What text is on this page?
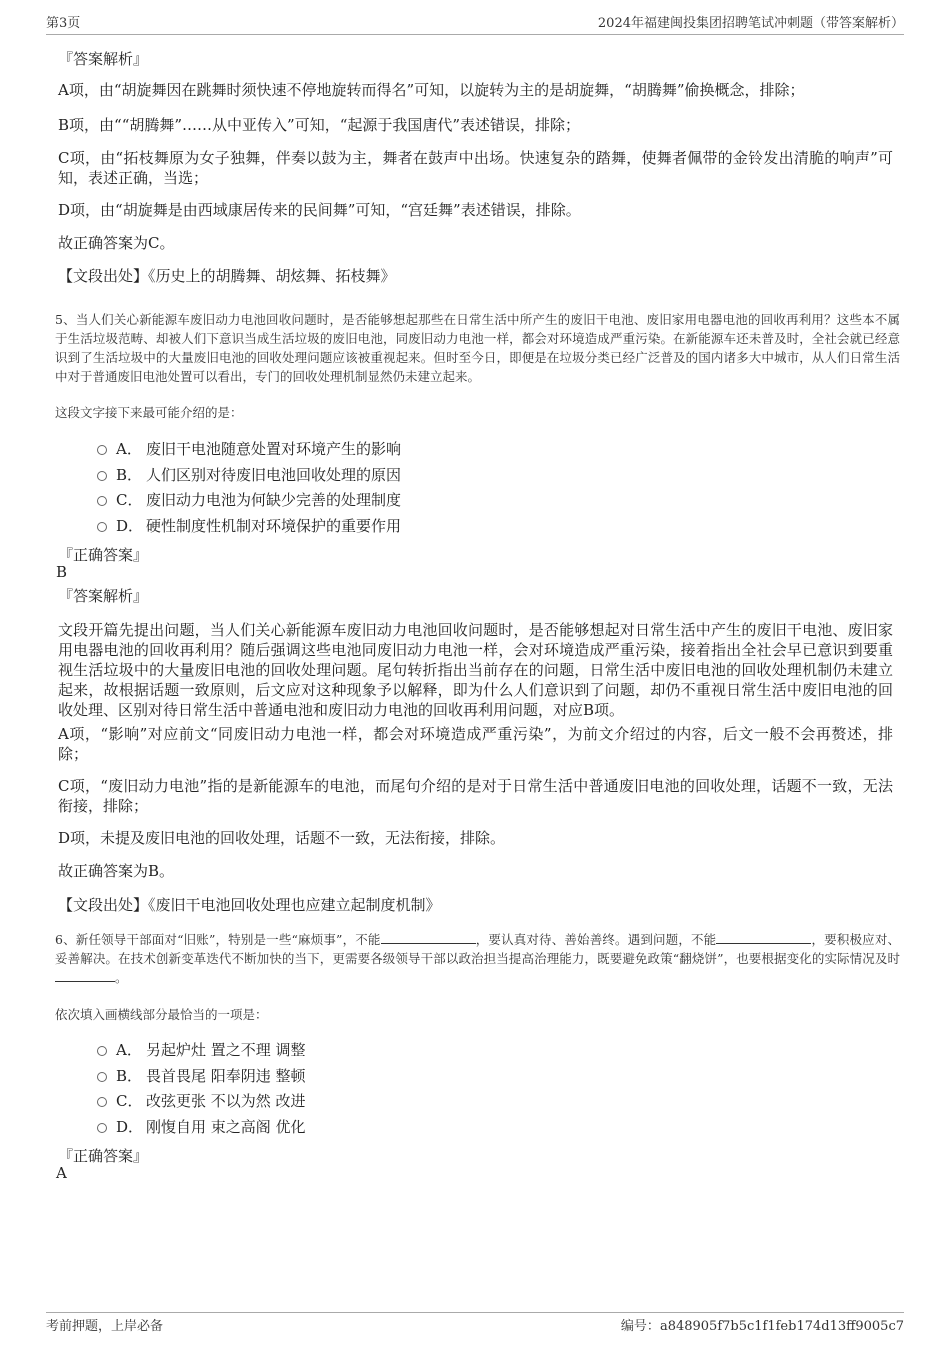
第3页	2024年福建闽投集团招聘笔试冲刺题（带答案解析）
『答案解析』
A项，由“胡旋舞因在跳舞时须快速不停地旋转而得名”可知，以旋转为主的是胡旋舞，“胡腾舞”偷换概念，排除；
B项，由““胡腾舞”……从中亚传入”可知，“起源于我国唐代”表述错误，排除；
C项，由“拓枝舞原为女子独舞，伴奏以鼓为主，舞者在鼓声中出场。快速复杂的踏舞，使舞者佩带的金铃发出清脆的响声”可知，表述正确，当选；
D项，由“胡旋舞是由西域康居传来的民间舞”可知，“宫廷舞”表述错误，排除。
故正确答案为C。
【文段出处】《历史上的胡腾舞、胡炫舞、拓枝舞》
5、当人们关心新能源车废旧动力电池回收问题时，是否能够想起那些在日常生活中所产生的废旧干电池、废旧家用电器电池的回收再利用？这些本不属于生活垃圾范畴、却被人们下意识当成生活垃圾的废旧电池，同废旧动力电池一样，都会对环境造成严重污染。在新能源车还未普及时，全社会就已经意识到了生活垃圾中的大量废旧电池的回收处理问题应该被重视起来。但时至今日，即便是在垃圾分类已经广泛普及的国内诸多大中城市，从人们日常生活中对于普通废旧电池处置可以看出，专门的回收处理机制显然仍未建立起来。
这段文字接下来最可能介绍的是：
A． 废旧干电池随意处置对环境产生的影响
B． 人们区别对待废旧电池回收处理的原因
C． 废旧动力电池为何缺少完善的处理制度
D． 硬性制度性机制对环境保护的重要作用
『正确答案』
B
『答案解析』
文段开篇先提出问题，当人们关心新能源车废旧动力电池回收问题时，是否能够想起对日常生活中产生的废旧干电池、废旧家用电器电池的回收再利用？随后强调这些电池同废旧动力电池一样，会对环境造成严重污染，接着指出全社会早已意识到要重视生活垃圾中的大量废旧电池的回收处理问题。尾句转折指出当前存在的问题，日常生活中废旧电池的回收处理机制仍未建立起来，故根据话题一致原则，后文应对这种现象予以解释，即为什么人们意识到了问题，却仍不重视日常生活中废旧电池的回收处理、区别对待日常生活中普通电池和废旧动力电池的回收再利用问题，对应B项。
A项，“影响”对应前文“同废旧动力电池一样，都会对环境造成严重污染”，为前文介绍过的内容，后文一般不会再赘述，排除；
C项，“废旧动力电池”指的是新能源车的电池，而尾句介绍的是对于日常生活中普通废旧电池的回收处理，话题不一致，无法衔接，排除；
D项，未提及废旧电池的回收处理，话题不一致，无法衔接，排除。
故正确答案为B。
【文段出处】《废旧干电池回收处理也应建立起制度机制》
6、新任领导干部面对“旧账”，特别是一些“麻烦事”，不能	，要认真对待、善始善终。遇到问题，不能	，要积极应对、妥善解决。在技术创新变革迭代不断加快的当下，更需要各级领导干部以政治担当提高治理能力，既要避免政策“翻烧饼”，也要根据变化的实际情况及时。
依次填入画横线部分最恰当的一项是：
A． 另起炉灶 置之不理 调整
B． 畏首畏尾 阳奉阴违 整顿
C． 改弦更张 不以为然 改进
D． 刚愎自用 束之高阁 优化
『正确答案』
A
考前押题，上岸必备	编号：a848905f7b5c1f1feb174d13ff9005c7
